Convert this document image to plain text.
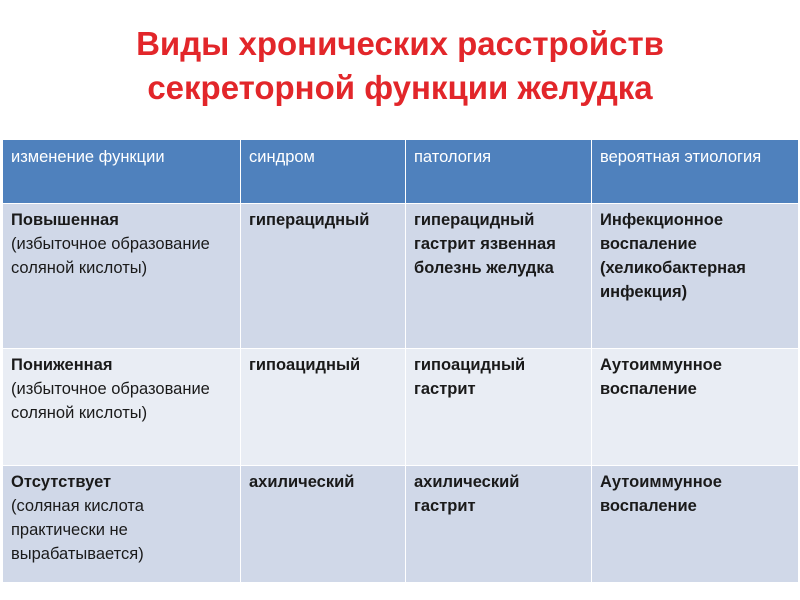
Виды хронических расстройств
секреторной функции желудка
изменение функции	синдром	патология	вероятная этиология

Повышенная
(избыточное образование соляной кислоты)	гиперацидный	гиперацидный гастрит язвенная болезнь желудка	Инфекционное воспаление (хеликобактерная инфекция)

Пониженная
(избыточное образование соляной кислоты)	гипоацидный	гипоацидный гастрит	Аутоиммунное воспаление

Отсутствует
(соляная кислота практически не вырабатывается)	ахилический	ахилический гастрит	Аутоиммунное воспаление
